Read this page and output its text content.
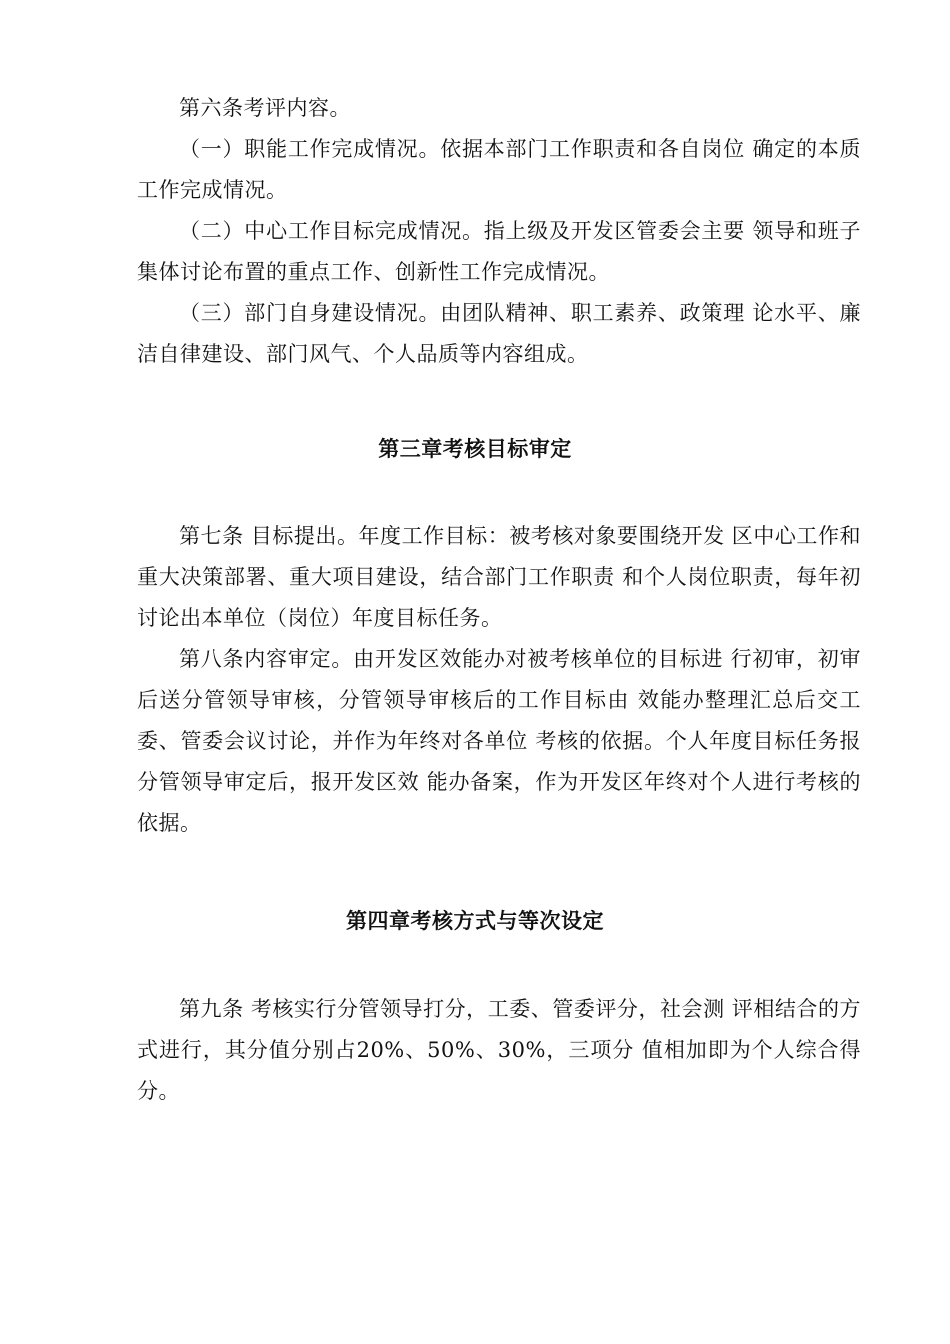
第六条考评内容。

（一）职能工作完成情况。依据本部门工作职责和各自岗位 确定的本质工作完成情况。

（二）中心工作目标完成情况。指上级及开发区管委会主要 领导和班子集体讨论布置的重点工作、创新性工作完成情况。

（三）部门自身建设情况。由团队精神、职工素养、政策理 论水平、廉洁自律建设、部门风气、个人品质等内容组成。

第三章考核目标审定

第七条 目标提出。年度工作目标：被考核对象要围绕开发 区中心工作和重大决策部署、重大项目建设，结合部门工作职责 和个人岗位职责，每年初讨论出本单位（岗位）年度目标任务。

第八条内容审定。由开发区效能办对被考核单位的目标进 行初审，初审后送分管领导审核，分管领导审核后的工作目标由 效能办整理汇总后交工委、管委会议讨论，并作为年终对各单位 考核的依据。个人年度目标任务报分管领导审定后，报开发区效 能办备案，作为开发区年终对个人进行考核的依据。

第四章考核方式与等次设定

第九条 考核实行分管领导打分，工委、管委评分，社会测 评相结合的方式进行，其分值分别占20%、50%、30%，三项分 值相加即为个人综合得分。
